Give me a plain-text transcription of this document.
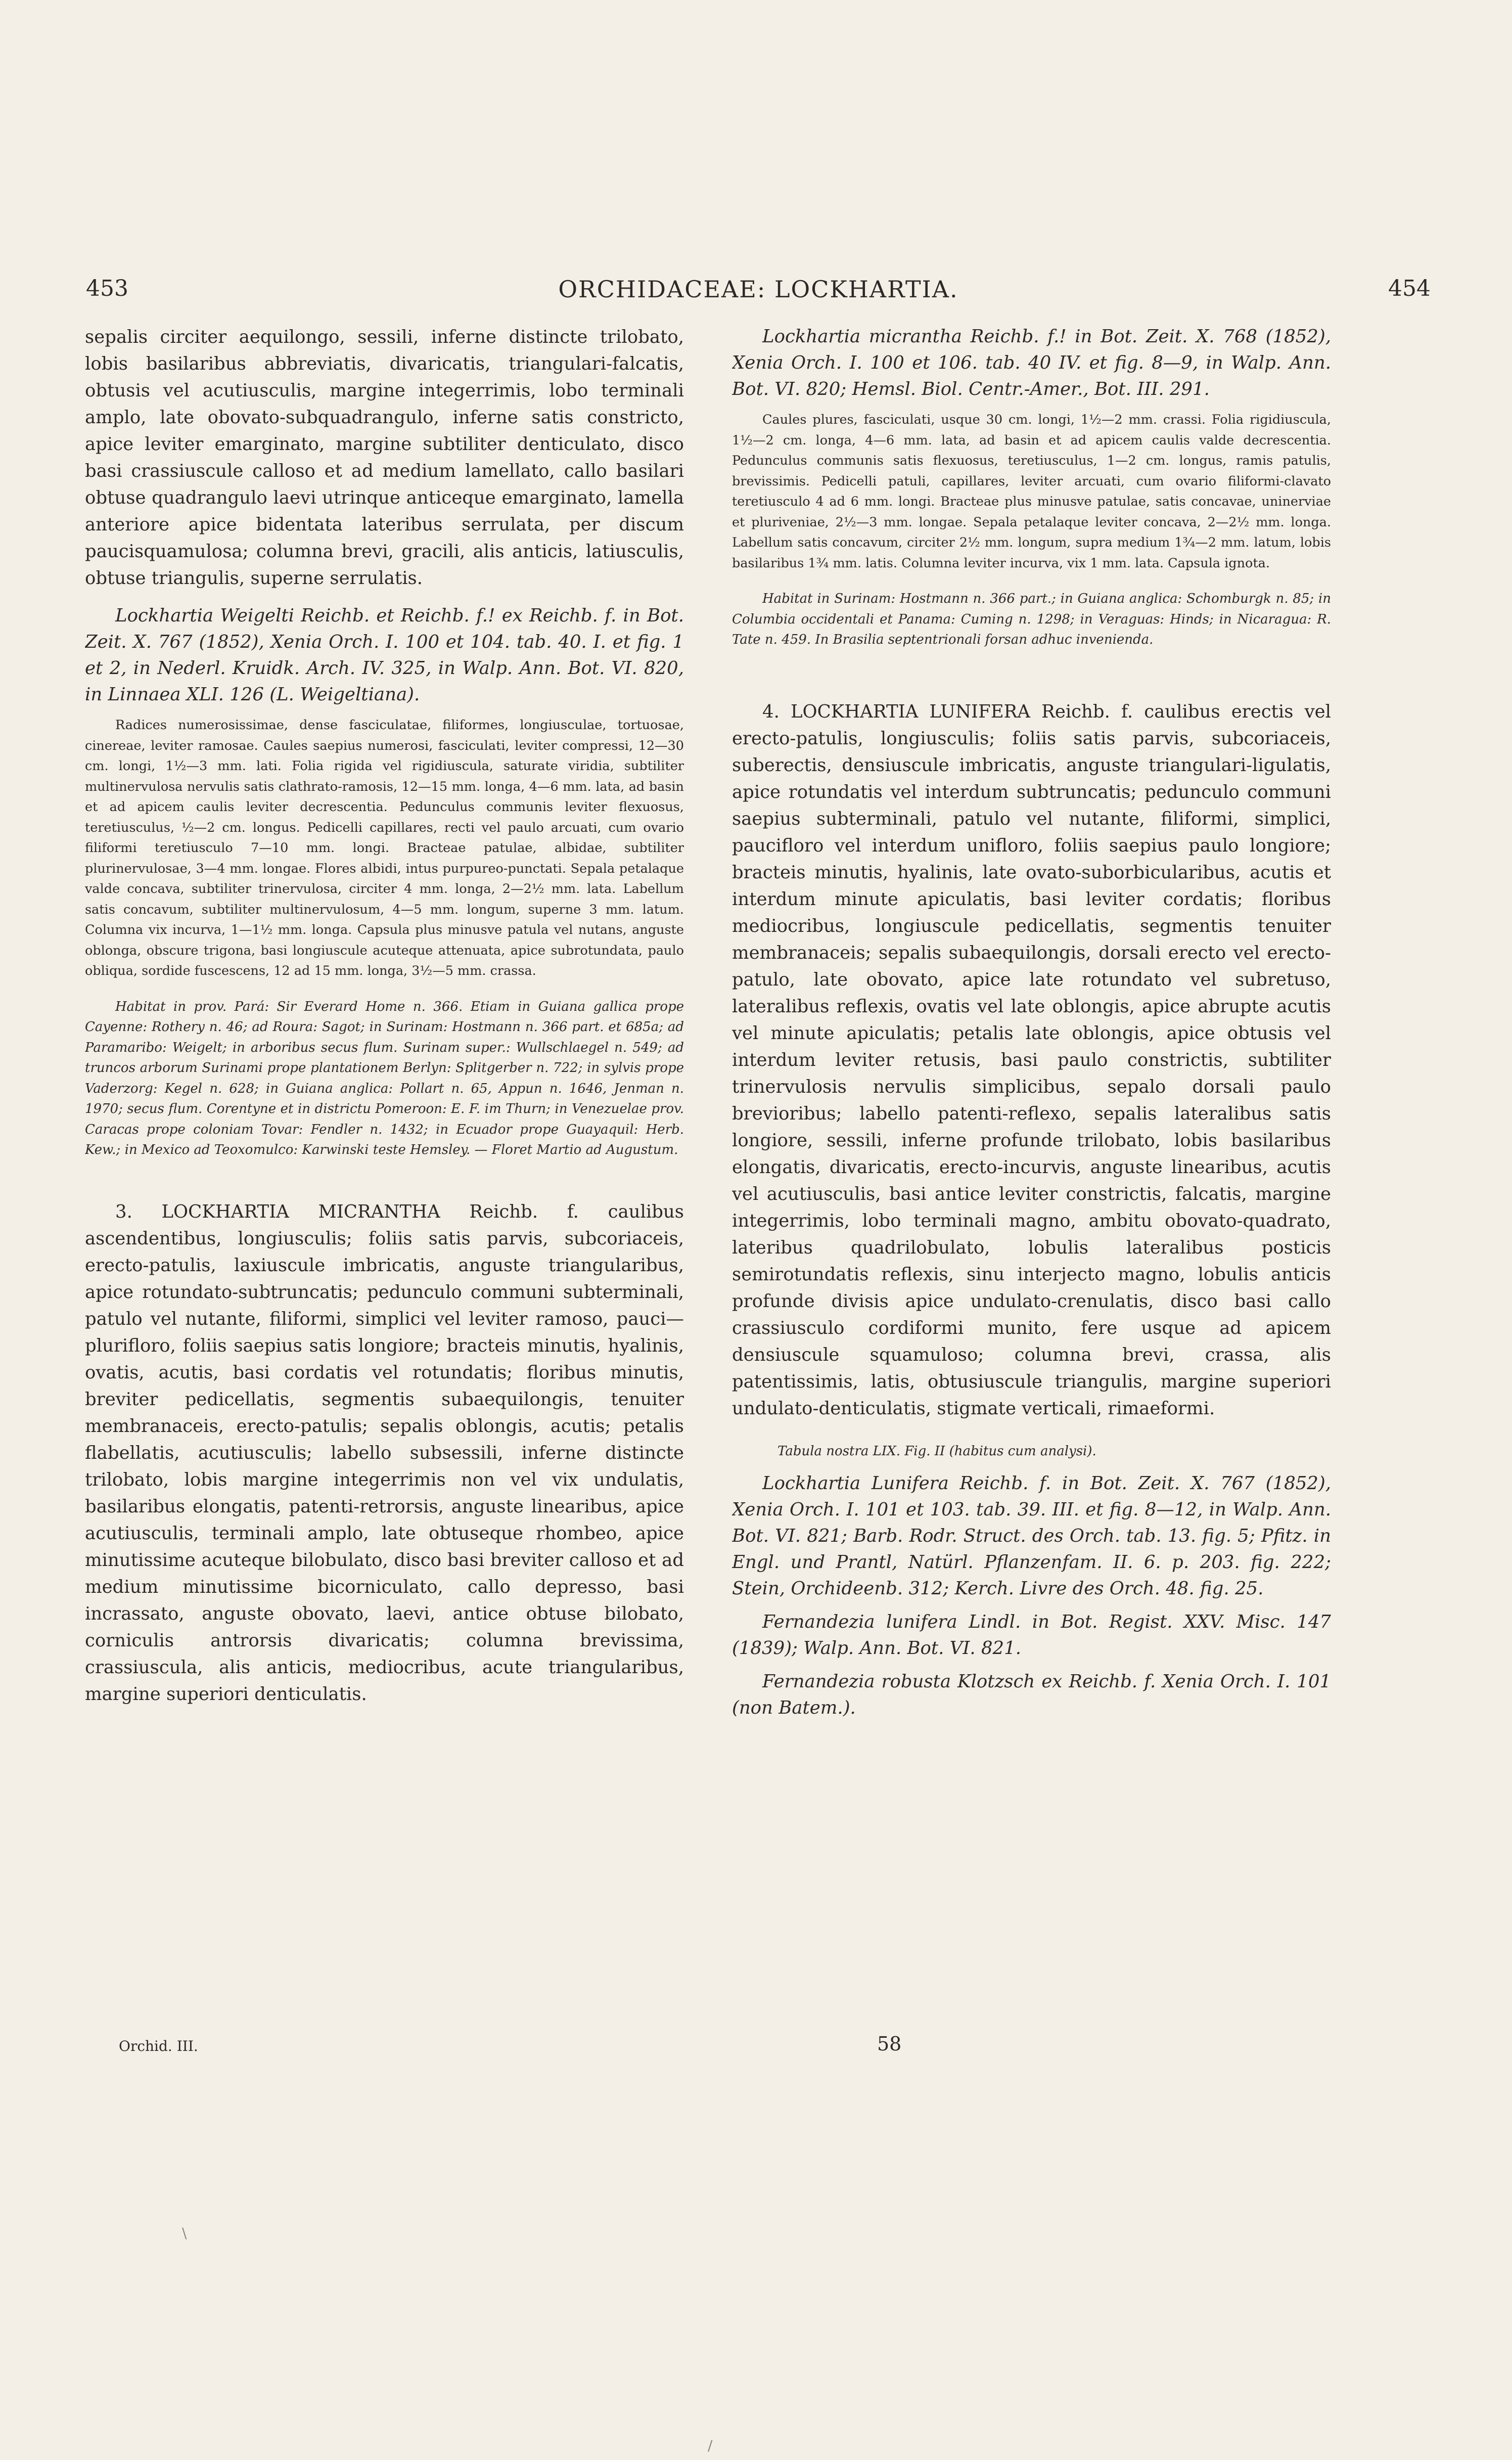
453	ORCHIDACEAE: LOCKHARTIA.	454

sepalis circiter aequilongo, sessili, inferne distincte trilobato, lobis basilaribus abbreviatis, divaricatis, triangulari-falcatis, obtusis vel acutiusculis, margine integerrimis, lobo terminali amplo, late obovato-subquadrangulo, inferne satis constricto, apice leviter emarginato, margine subtiliter denticulato, disco basi crassiuscule calloso et ad medium lamellato, callo basilari obtuse quadrangulo laevi utrinque anticeque emarginato, lamella anteriore apice bidentata lateribus serrulata, per discum paucisquamulosa; columna brevi, gracili, alis anticis, latiusculis, obtuse triangulis, superne serrulatis.

Lockhartia Weigelti Reichb. et Reichb. f.! ex Reichb. f. in Bot. Zeit. X. 767 (1852), Xenia Orch. I. 100 et 104. tab. 40. I. et fig. 1 et 2, in Nederl. Kruidk. Arch. IV. 325, in Walp. Ann. Bot. VI. 820, in Linnaea XLI. 126 (L. Weigeltiana).

Radices numerosissimae, dense fasciculatae, filiformes, longiusculae, tortuosae, cinereae, leviter ramosae. Caules saepius numerosi, fasciculati, leviter compressi, 12—30 cm. longi, 1½—3 mm. lati. Folia rigida vel rigidiuscula, saturate viridia, subtiliter multinervulosa nervulis satis clathrato-ramosis, 12—15 mm. longa, 4—6 mm. lata, ad basin et ad apicem caulis leviter decrescentia. Pedunculus communis leviter flexuosus, teretiusculus, ½—2 cm. longus. Pedicelli capillares, recti vel paulo arcuati, cum ovario filiformi teretiusculo 7—10 mm. longi. Bracteae patulae, albidae, subtiliter plurinervulosae, 3—4 mm. longae. Flores albidi, intus purpureo-punctati. Sepala petalaque valde concava, subtiliter trinervulosa, circiter 4 mm. longa, 2—2½ mm. lata. Labellum satis concavum, subtiliter multinervulosum, 4—5 mm. longum, superne 3 mm. latum. Columna vix incurva, 1—1½ mm. longa. Capsula plus minusve patula vel nutans, anguste oblonga, obscure trigona, basi longiuscule acuteque attenuata, apice subrotundata, paulo obliqua, sordide fuscescens, 12 ad 15 mm. longa, 3½—5 mm. crassa.

Habitat in prov. Pará: Sir Everard Home n. 366. Etiam in Guiana gallica prope Cayenne: Rothery n. 46; ad Roura: Sagot; in Surinam: Hostmann n. 366 part. et 685a; ad Paramaribo: Weigelt; in arboribus secus flum. Surinam super.: Wullschlaegel n. 549; ad truncos arborum Surinami prope plantationem Berlyn: Splitgerber n. 722; in sylvis prope Vaderzorg: Kegel n. 628; in Guiana anglica: Pollart n. 65, Appun n. 1646, Jenman n. 1970; secus flum. Corentyne et in districtu Pomeroon: E. F. im Thurn; in Venezuelae prov. Caracas prope coloniam Tovar: Fendler n. 1432; in Ecuador prope Guayaquil: Herb. Kew.; in Mexico ad Teoxomulco: Karwinski teste Hemsley. — Floret Martio ad Augustum.

3. LOCKHARTIA MICRANTHA Reichb. f. caulibus ascendentibus, longiusculis; foliis satis parvis, subcoriaceis, erecto-patulis, laxiuscule imbricatis, anguste triangularibus, apice rotundato-subtruncatis; pedunculo communi subterminali, patulo vel nutante, filiformi, simplici vel leviter ramoso, pauci—plurifloro, foliis saepius satis longiore; bracteis minutis, hyalinis, ovatis, acutis, basi cordatis vel rotundatis; floribus minutis, breviter pedicellatis, segmentis subaequilongis, tenuiter membranaceis, erecto-patulis; sepalis oblongis, acutis; petalis flabellatis, acutiusculis; labello subsessili, inferne distincte trilobato, lobis margine integerrimis non vel vix undulatis, basilaribus elongatis, patenti-retrorsis, anguste linearibus, apice acutiusculis, terminali amplo, late obtuseque rhombeo, apice minutissime acuteque bilobulato, disco basi breviter calloso et ad medium minutissime bicorniculato, callo depresso, basi incrassato, anguste obovato, laevi, antice obtuse bilobato, corniculis antrorsis divaricatis; columna brevissima, crassiuscula, alis anticis, mediocribus, acute triangularibus, margine superiori denticulatis.

Lockhartia micrantha Reichb. f.! in Bot. Zeit. X. 768 (1852), Xenia Orch. I. 100 et 106. tab. 40 IV. et fig. 8—9, in Walp. Ann. Bot. VI. 820; Hemsl. Biol. Centr.-Amer., Bot. III. 291.

Caules plures, fasciculati, usque 30 cm. longi, 1½—2 mm. crassi. Folia rigidiuscula, 1½—2 cm. longa, 4—6 mm. lata, ad basin et ad apicem caulis valde decrescentia. Pedunculus communis satis flexuosus, teretiusculus, 1—2 cm. longus, ramis patulis, brevissimis. Pedicelli patuli, capillares, leviter arcuati, cum ovario filiformi-clavato teretiusculo 4 ad 6 mm. longi. Bracteae plus minusve patulae, satis concavae, uninerviae et pluriveniae, 2½—3 mm. longae. Sepala petalaque leviter concava, 2—2½ mm. longa. Labellum satis concavum, circiter 2½ mm. longum, supra medium 1¾—2 mm. latum, lobis basilaribus 1¾ mm. latis. Columna leviter incurva, vix 1 mm. lata. Capsula ignota.

Habitat in Surinam: Hostmann n. 366 part.; in Guiana anglica: Schomburgk n. 85; in Columbia occidentali et Panama: Cuming n. 1298; in Veraguas: Hinds; in Nicaragua: R. Tate n. 459. In Brasilia septentrionali forsan adhuc invenienda.

4. LOCKHARTIA LUNIFERA Reichb. f. caulibus erectis vel erecto-patulis, longiusculis; foliis satis parvis, subcoriaceis, suberectis, densiuscule imbricatis, anguste triangulari-ligulatis, apice rotundatis vel interdum subtruncatis; pedunculo communi saepius subterminali, patulo vel nutante, filiformi, simplici, paucifloro vel interdum unifloro, foliis saepius paulo longiore; bracteis minutis, hyalinis, late ovato-suborbicularibus, acutis et interdum minute apiculatis, basi leviter cordatis; floribus mediocribus, longiuscule pedicellatis, segmentis tenuiter membranaceis; sepalis subaequilongis, dorsali erecto vel erecto-patulo, late obovato, apice late rotundato vel subretuso, lateralibus reflexis, ovatis vel late oblongis, apice abrupte acutis vel minute apiculatis; petalis late oblongis, apice obtusis vel interdum leviter retusis, basi paulo constrictis, subtiliter trinervulosis nervulis simplicibus, sepalo dorsali paulo brevioribus; labello patenti-reflexo, sepalis lateralibus satis longiore, sessili, inferne profunde trilobato, lobis basilaribus elongatis, divaricatis, erecto-incurvis, anguste linearibus, acutis vel acutiusculis, basi antice leviter constrictis, falcatis, margine integerrimis, lobo terminali magno, ambitu obovato-quadrato, lateribus quadrilobulato, lobulis lateralibus posticis semirotundatis reflexis, sinu interjecto magno, lobulis anticis profunde divisis apice undulato-crenulatis, disco basi callo crassiusculo cordiformi munito, fere usque ad apicem densiuscule squamuloso; columna brevi, crassa, alis patentissimis, latis, obtusiuscule triangulis, margine superiori undulato-denticulatis, stigmate verticali, rimaeformi.

Tabula nostra LIX. Fig. II (habitus cum analysi).

Lockhartia Lunifera Reichb. f. in Bot. Zeit. X. 767 (1852), Xenia Orch. I. 101 et 103. tab. 39. III. et fig. 8—12, in Walp. Ann. Bot. VI. 821; Barb. Rodr. Struct. des Orch. tab. 13. fig. 5; Pfitz. in Engl. und Prantl, Natürl. Pflanzenfam. II. 6. p. 203. fig. 222; Stein, Orchideenb. 312; Kerch. Livre des Orch. 48. fig. 25.

Fernandezia lunifera Lindl. in Bot. Regist. XXV. Misc. 147 (1839); Walp. Ann. Bot. VI. 821.

Fernandezia robusta Klotzsch ex Reichb. f. Xenia Orch. I. 101 (non Batem.).

Orchid. III.	58
\
/
